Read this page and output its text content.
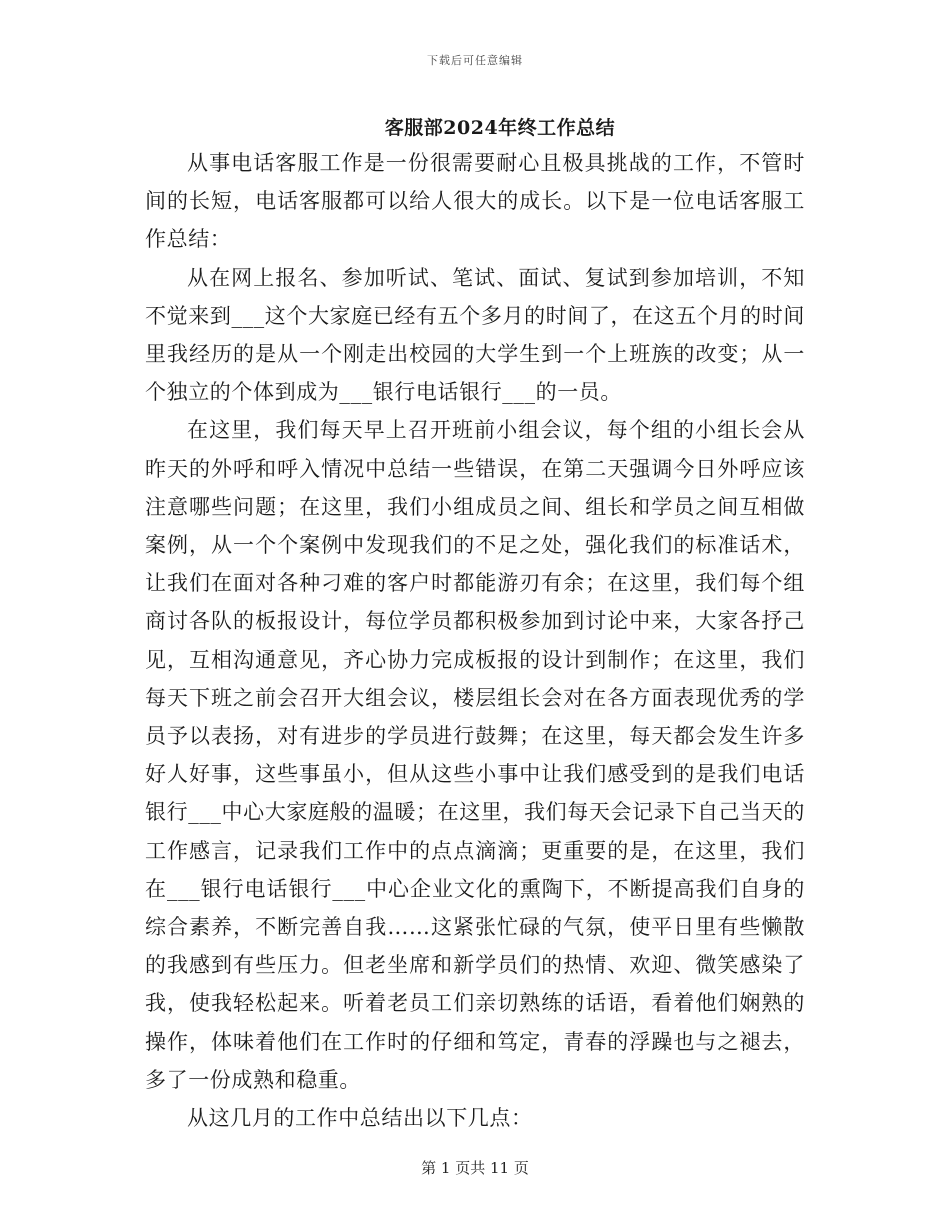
下载后可任意编辑
客服部2024年终工作总结

从事电话客服工作是一份很需要耐心且极具挑战的工作，不管时间的长短，电话客服都可以给人很大的成长。以下是一位电话客服工作总结：

从在网上报名、参加听试、笔试、面试、复试到参加培训，不知不觉来到___这个大家庭已经有五个多月的时间了，在这五个月的时间里我经历的是从一个刚走出校园的大学生到一个上班族的改变；从一个独立的个体到成为___银行电话银行___的一员。

在这里，我们每天早上召开班前小组会议，每个组的小组长会从昨天的外呼和呼入情况中总结一些错误，在第二天强调今日外呼应该注意哪些问题；在这里，我们小组成员之间、组长和学员之间互相做案例，从一个个案例中发现我们的不足之处，强化我们的标准话术，让我们在面对各种刁难的客户时都能游刃有余；在这里，我们每个组商讨各队的板报设计，每位学员都积极参加到讨论中来，大家各抒己见，互相沟通意见，齐心协力完成板报的设计到制作；在这里，我们每天下班之前会召开大组会议，楼层组长会对在各方面表现优秀的学员予以表扬，对有进步的学员进行鼓舞；在这里，每天都会发生许多好人好事，这些事虽小，但从这些小事中让我们感受到的是我们电话银行___中心大家庭般的温暖；在这里，我们每天会记录下自己当天的工作感言，记录我们工作中的点点滴滴；更重要的是，在这里，我们在___银行电话银行___中心企业文化的熏陶下，不断提高我们自身的综合素养，不断完善自我……这紧张忙碌的气氛，使平日里有些懒散的我感到有些压力。但老坐席和新学员们的热情、欢迎、微笑感染了我，使我轻松起来。听着老员工们亲切熟练的话语，看着他们娴熟的操作，体味着他们在工作时的仔细和笃定，青春的浮躁也与之褪去，多了一份成熟和稳重。

从这几月的工作中总结出以下几点：

第 1 页共 11 页
